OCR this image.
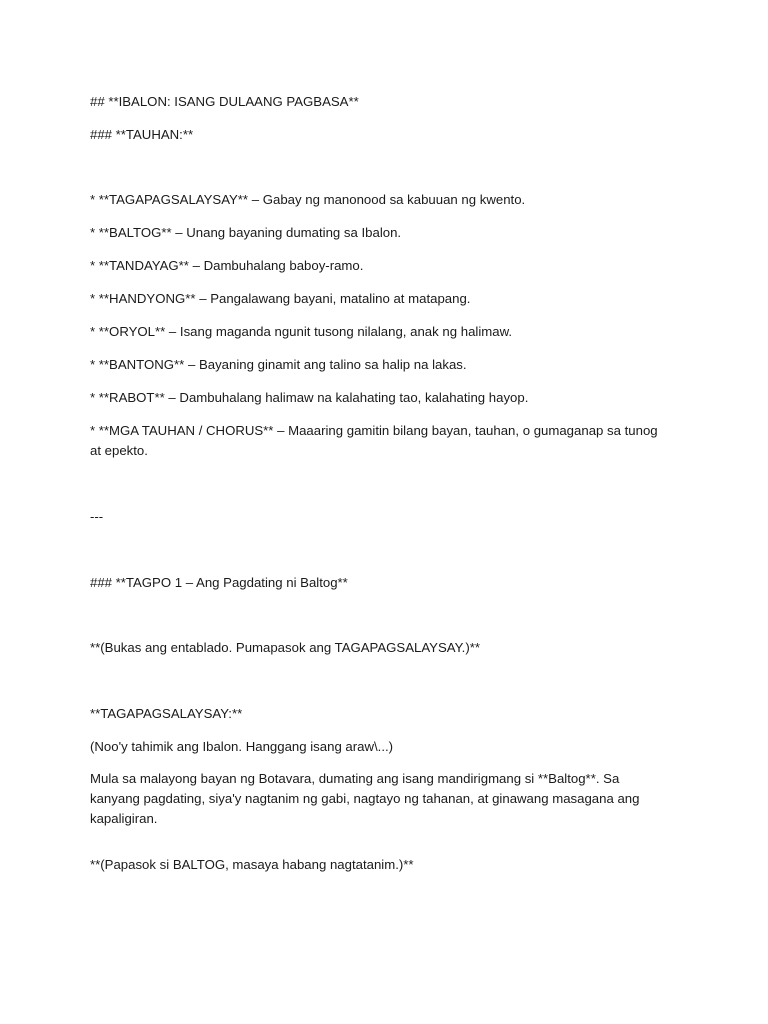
## **IBALON: ISANG DULAANG PAGBASA**
### **TAUHAN:**
* **TAGAPAGSALAYSAY** – Gabay ng manonood sa kabuuan ng kwento.
* **BALTOG** – Unang bayaning dumating sa Ibalon.
* **TANDAYAG** – Dambuhalang baboy-ramo.
* **HANDYONG** – Pangalawang bayani, matalino at matapang.
* **ORYOL** – Isang maganda ngunit tusong nilalang, anak ng halimaw.
* **BANTONG** – Bayaning ginamit ang talino sa halip na lakas.
* **RABOT** – Dambuhalang halimaw na kalahating tao, kalahating hayop.
* **MGA TAUHAN / CHORUS** – Maaaring gamitin bilang bayan, tauhan, o gumaganap sa tunog at epekto.
---
### **TAGPO 1 – Ang Pagdating ni Baltog**
**(Bukas ang entablado. Pumapasok ang TAGAPAGSALAYSAY.)**
**TAGAPAGSALAYSAY:**
(Noo'y tahimik ang Ibalon. Hanggang isang araw\...)
Mula sa malayong bayan ng Botavara, dumating ang isang mandirigmang si **Baltog**. Sa kanyang pagdating, siya'y nagtanim ng gabi, nagtayo ng tahanan, at ginawang masagana ang kapaligiran.
**(Papasok si BALTOG, masaya habang nagtatanim.)**
